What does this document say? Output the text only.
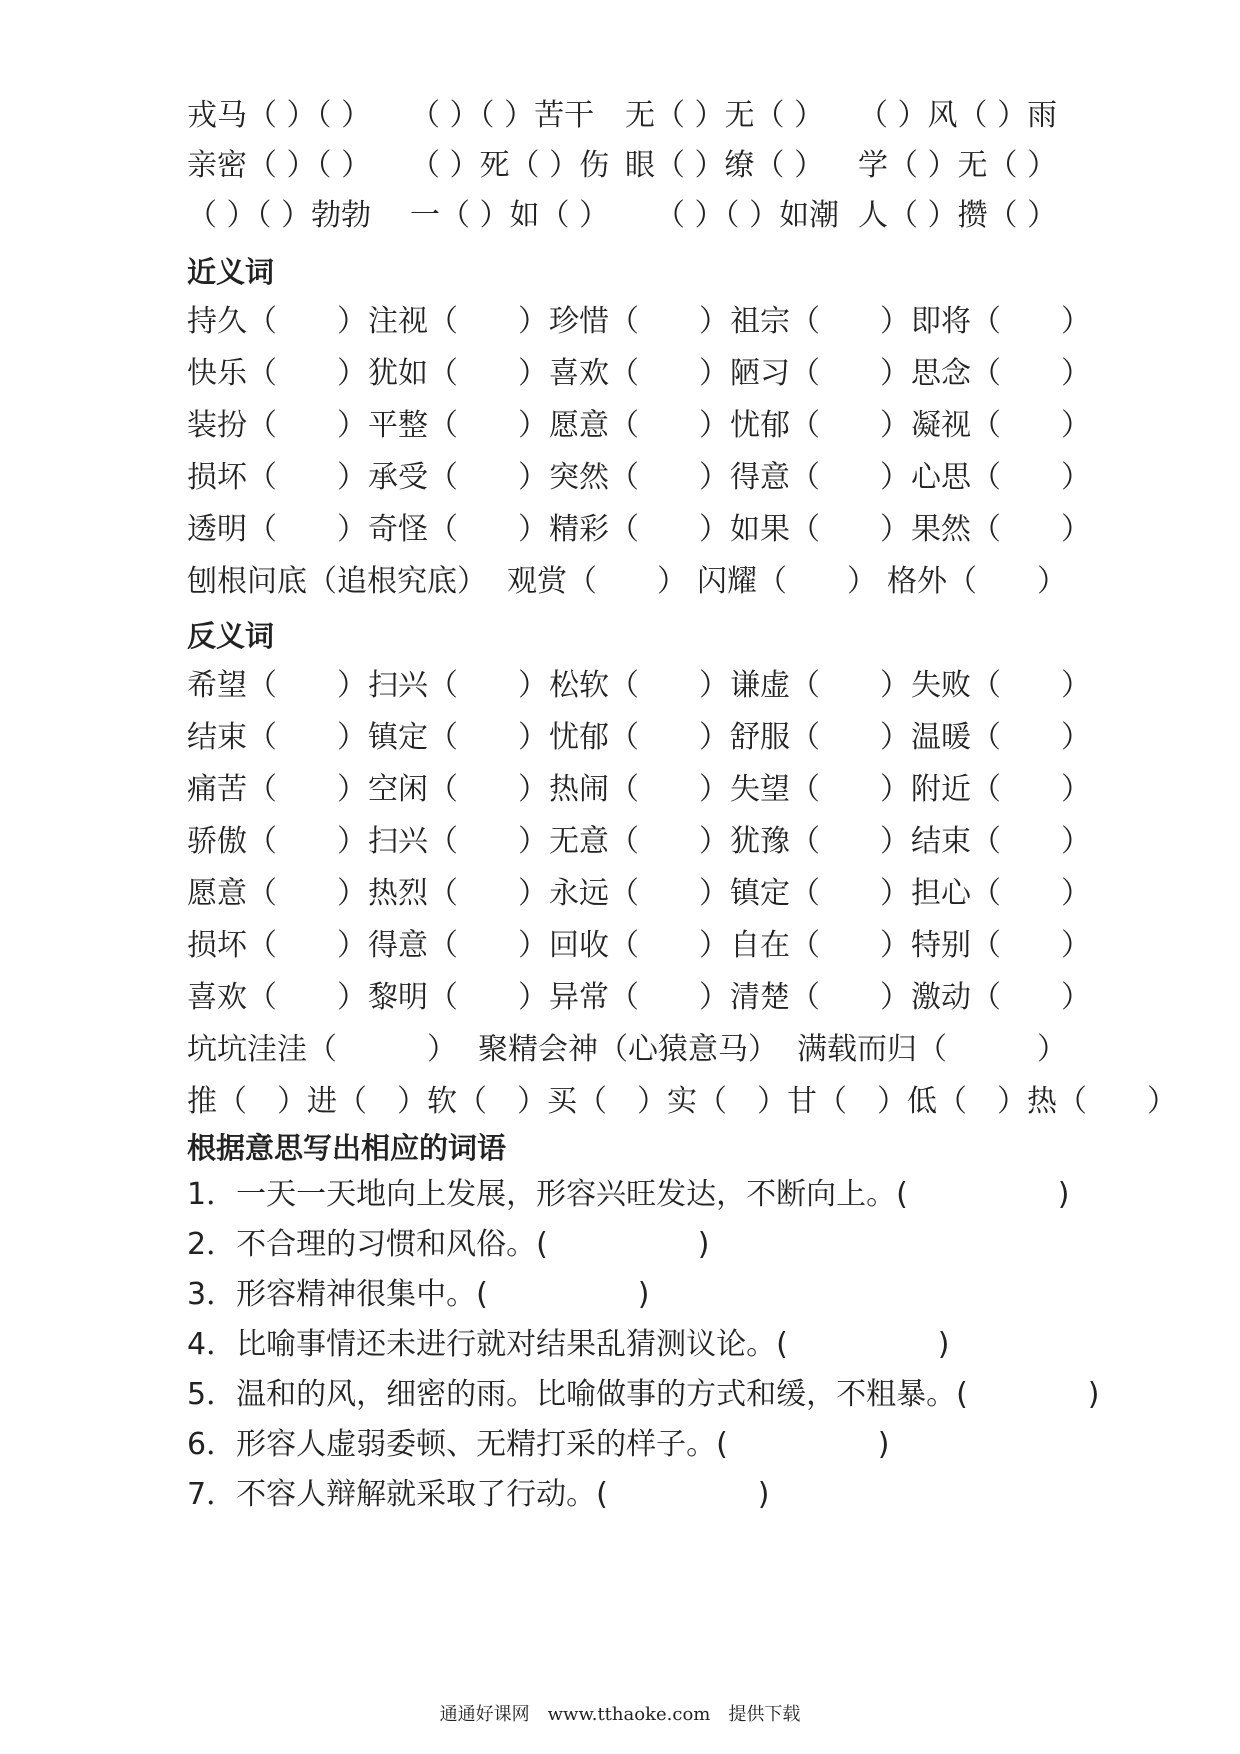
戎马（ ）（ ） （ ）（ ）苦干 无（ ）无（ ） （ ）风（ ）雨
亲密（ ）（ ） （ ）死（ ）伤 眼（ ）缭（ ） 学（ ）无（ ）
（ ）（ ）勃勃 一（ ）如（ ） （ ）（ ）如潮 人（ ）攒（ ）
近义词
持久（　　） 注视（　　） 珍惜（　　） 祖宗（　　） 即将（　　）
快乐（　　） 犹如（　　） 喜欢（　　） 陋习（　　） 思念（　　）
装扮（　　） 平整（　　） 愿意（　　） 忧郁（　　） 凝视（　　）
损坏（　　） 承受（　　） 突然（　　） 得意（　　） 心思（　　）
透明（　　） 奇怪（　　） 精彩（　　） 如果（　　） 果然（　　）
刨根问底（追根究底） 观赏（　　） 闪耀（　　） 格外（　　）
反义词
希望（　　） 扫兴（　　） 松软（　　） 谦虚（　　） 失败（　　）
结束（　　） 镇定（　　） 忧郁（　　） 舒服（　　） 温暖（　　）
痛苦（　　） 空闲（　　） 热闹（　　） 失望（　　） 附近（　　）
骄傲（　　） 扫兴（　　） 无意（　　） 犹豫（　　） 结束（　　）
愿意（　　） 热烈（　　） 永远（　　） 镇定（　　） 担心（　　）
损坏（　　） 得意（　　） 回收（　　） 自在（　　） 特别（　　）
喜欢（　　） 黎明（　　） 异常（　　） 清楚（　　） 激动（　　）
坑坑洼洼（　　　） 聚精会神（心猿意马） 满载而归（　　　）
推（　）进（　）软（　）买（　）实（　）甘（　）低（　）热（　　）
根据意思写出相应的词语
1．一天一天地向上发展，形容兴旺发达，不断向上。(　　　　　)
2．不合理的习惯和风俗。(　　　　　)
3．形容精神很集中。(　　　　　)
4．比喻事情还未进行就对结果乱猜测议论。(　　　　　)
5．温和的风，细密的雨。比喻做事的方式和缓，不粗暴。(　　　　)
6．形容人虚弱委顿、无精打采的样子。(　　　　　)
7．不容人辩解就采取了行动。(　　　　　)
通通好课网　www.tthaoke.com　提供下载
